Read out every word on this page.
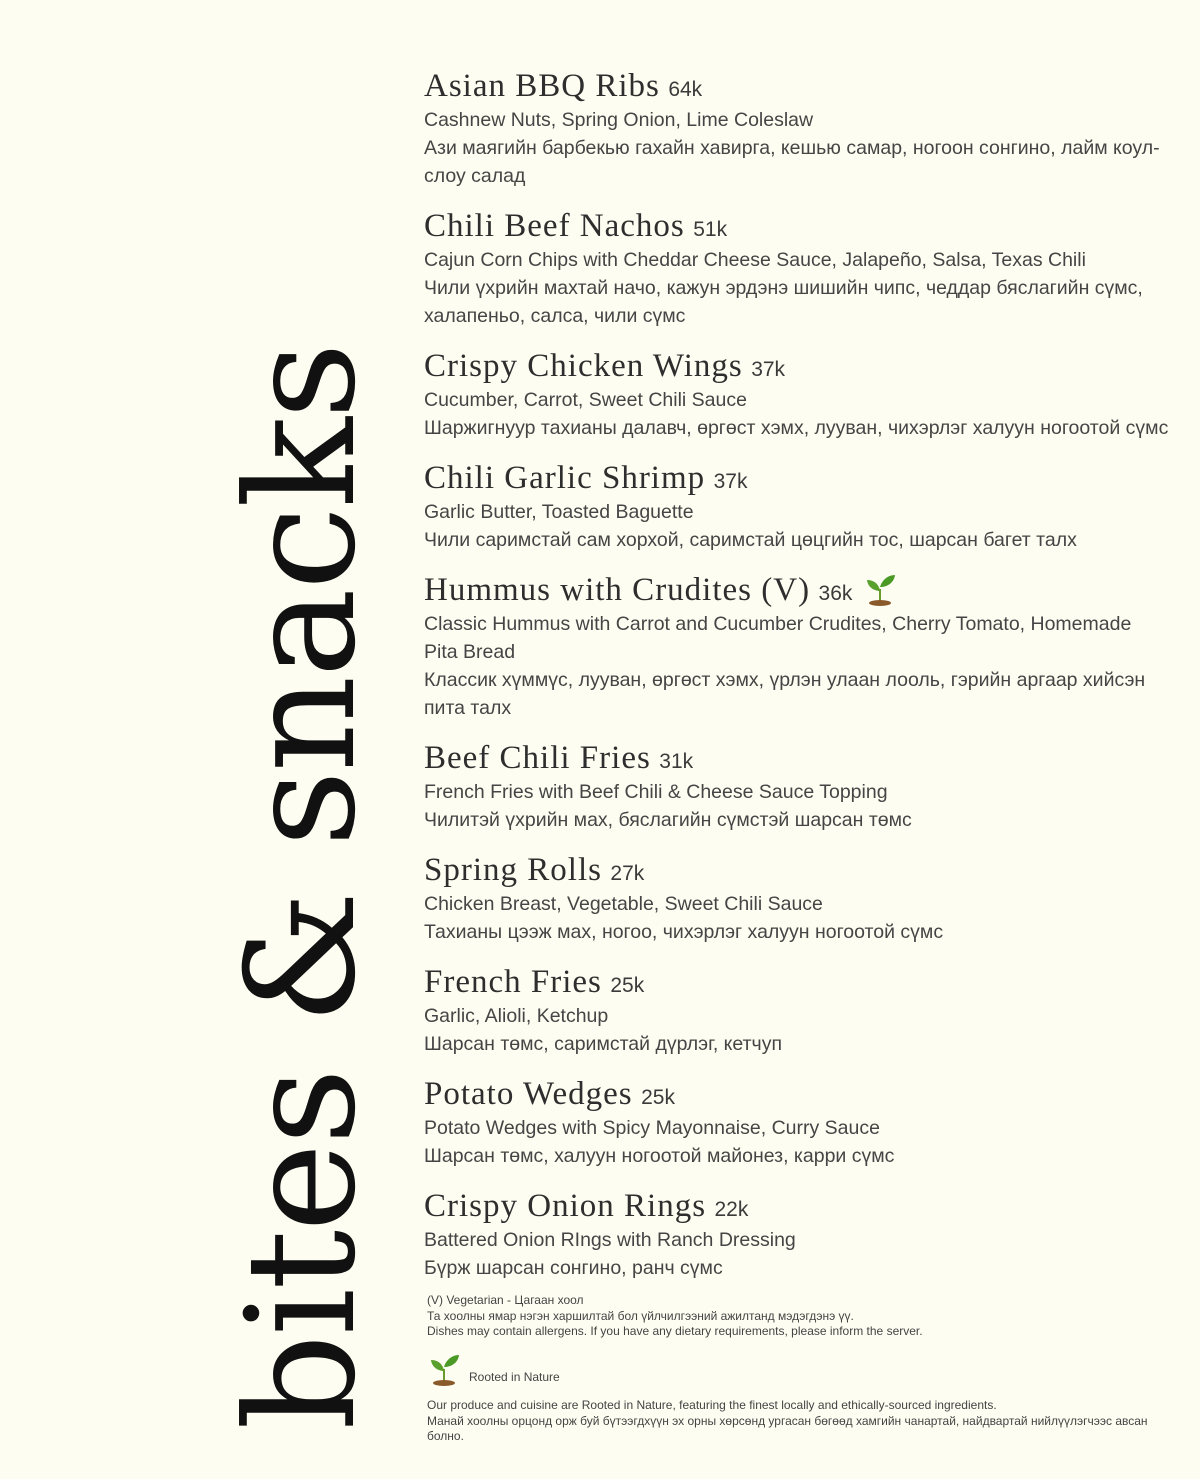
bites & snacks
Asian BBQ Ribs 64k
Cashnew Nuts, Spring Onion, Lime Coleslaw
Ази маягийн барбекью гахайн хавирга, кешью самар, ногоон сонгино, лайм коул-слоу салад
Chili Beef Nachos 51k
Cajun Corn Chips with Cheddar Cheese Sauce, Jalapeño, Salsa, Texas Chili
Чили үхрийн махтай начо, кажун эрдэнэ шишийн чипс, чеддар бяслагийн сүмс, халапеньо, салса, чили сүмс
Crispy Chicken Wings 37k
Cucumber, Carrot, Sweet Chili Sauce
Шаржигнуур тахианы далавч, өргөст хэмх, лууван, чихэрлэг халуун ногоотой сүмс
Chili Garlic Shrimp 37k
Garlic Butter, Toasted Baguette
Чили саримстай сам хорхой, саримстай цөцгийн тос, шарсан багет талх
Hummus with Crudites (V) 36k
Classic Hummus with Carrot and Cucumber Crudites, Cherry Tomato, Homemade Pita Bread
Классик хүммүс, лууван, өргөст хэмх, үрлэн улаан лооль, гэрийн аргаар хийсэн пита талх
Beef Chili Fries 31k
French Fries with Beef Chili & Cheese Sauce Topping
Чилитэй үхрийн мах, бяслагийн сүмстэй шарсан төмс
Spring Rolls 27k
Chicken Breast, Vegetable, Sweet Chili Sauce
Тахианы цээж мах, ногоо, чихэрлэг халуун ногоотой сүмс
French Fries 25k
Garlic, Alioli, Ketchup
Шарсан төмс, саримстай дүрлэг, кетчуп
Potato Wedges 25k
Potato Wedges with Spicy Mayonnaise, Curry Sauce
Шарсан төмс, халуун ногоотой майонез, карри сүмс
Crispy Onion Rings 22k
Battered Onion RIngs with Ranch Dressing
Бүрж шарсан сонгино, ранч сүмс
(V) Vegetarian - Цагаан хоол
Та хоолны ямар нэгэн харшилтай бол үйлчилгээний ажилтанд мэдэгдэнэ үү.
Dishes may contain allergens. If you have any dietary requirements, please inform the server.
Rooted in Nature
Our produce and cuisine are Rooted in Nature, featuring the finest locally and ethically-sourced ingredients.
Манай хоолны орцонд орж буй бүтээгдхүүн эх орны хөрсөнд ургасан бөгөөд хамгийн чанартай, найдвартай нийлүүлэгчээс авсан болно.
